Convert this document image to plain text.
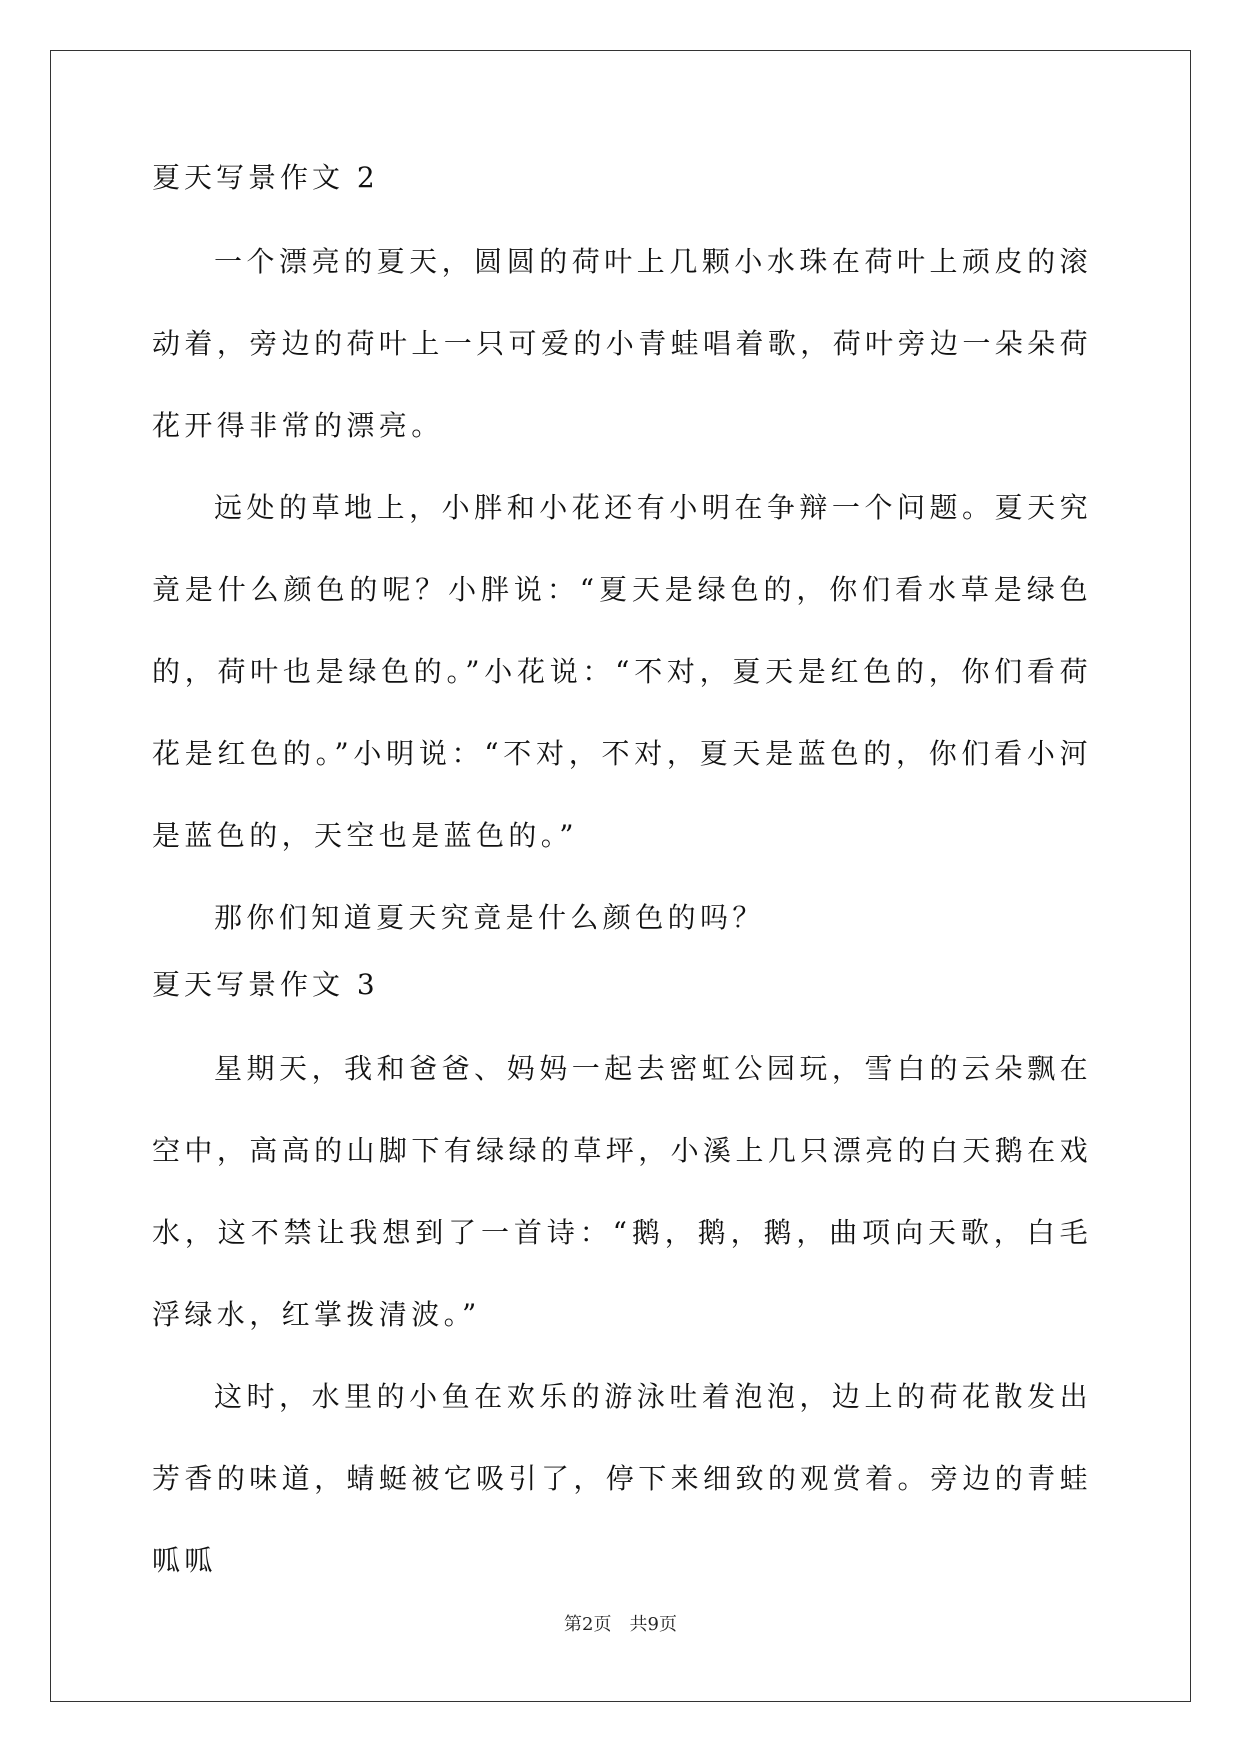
夏天写景作文 2

一个漂亮的夏天，圆圆的荷叶上几颗小水珠在荷叶上顽皮的滚动着，旁边的荷叶上一只可爱的小青蛙唱着歌，荷叶旁边一朵朵荷花开得非常的漂亮。

远处的草地上，小胖和小花还有小明在争辩一个问题。夏天究竟是什么颜色的呢？小胖说：“夏天是绿色的，你们看水草是绿色的，荷叶也是绿色的。”小花说：“不对，夏天是红色的，你们看荷花是红色的。”小明说：“不对，不对，夏天是蓝色的，你们看小河是蓝色的，天空也是蓝色的。”

那你们知道夏天究竟是什么颜色的吗？

夏天写景作文 3

星期天，我和爸爸、妈妈一起去密虹公园玩，雪白的云朵飘在空中，高高的山脚下有绿绿的草坪，小溪上几只漂亮的白天鹅在戏水，这不禁让我想到了一首诗：“鹅，鹅，鹅，曲项向天歌，白毛浮绿水，红掌拨清波。”

这时，水里的小鱼在欢乐的游泳吐着泡泡，边上的荷花散发出芳香的味道，蜻蜓被它吸引了，停下来细致的观赏着。旁边的青蛙呱呱

第2页 共9页
